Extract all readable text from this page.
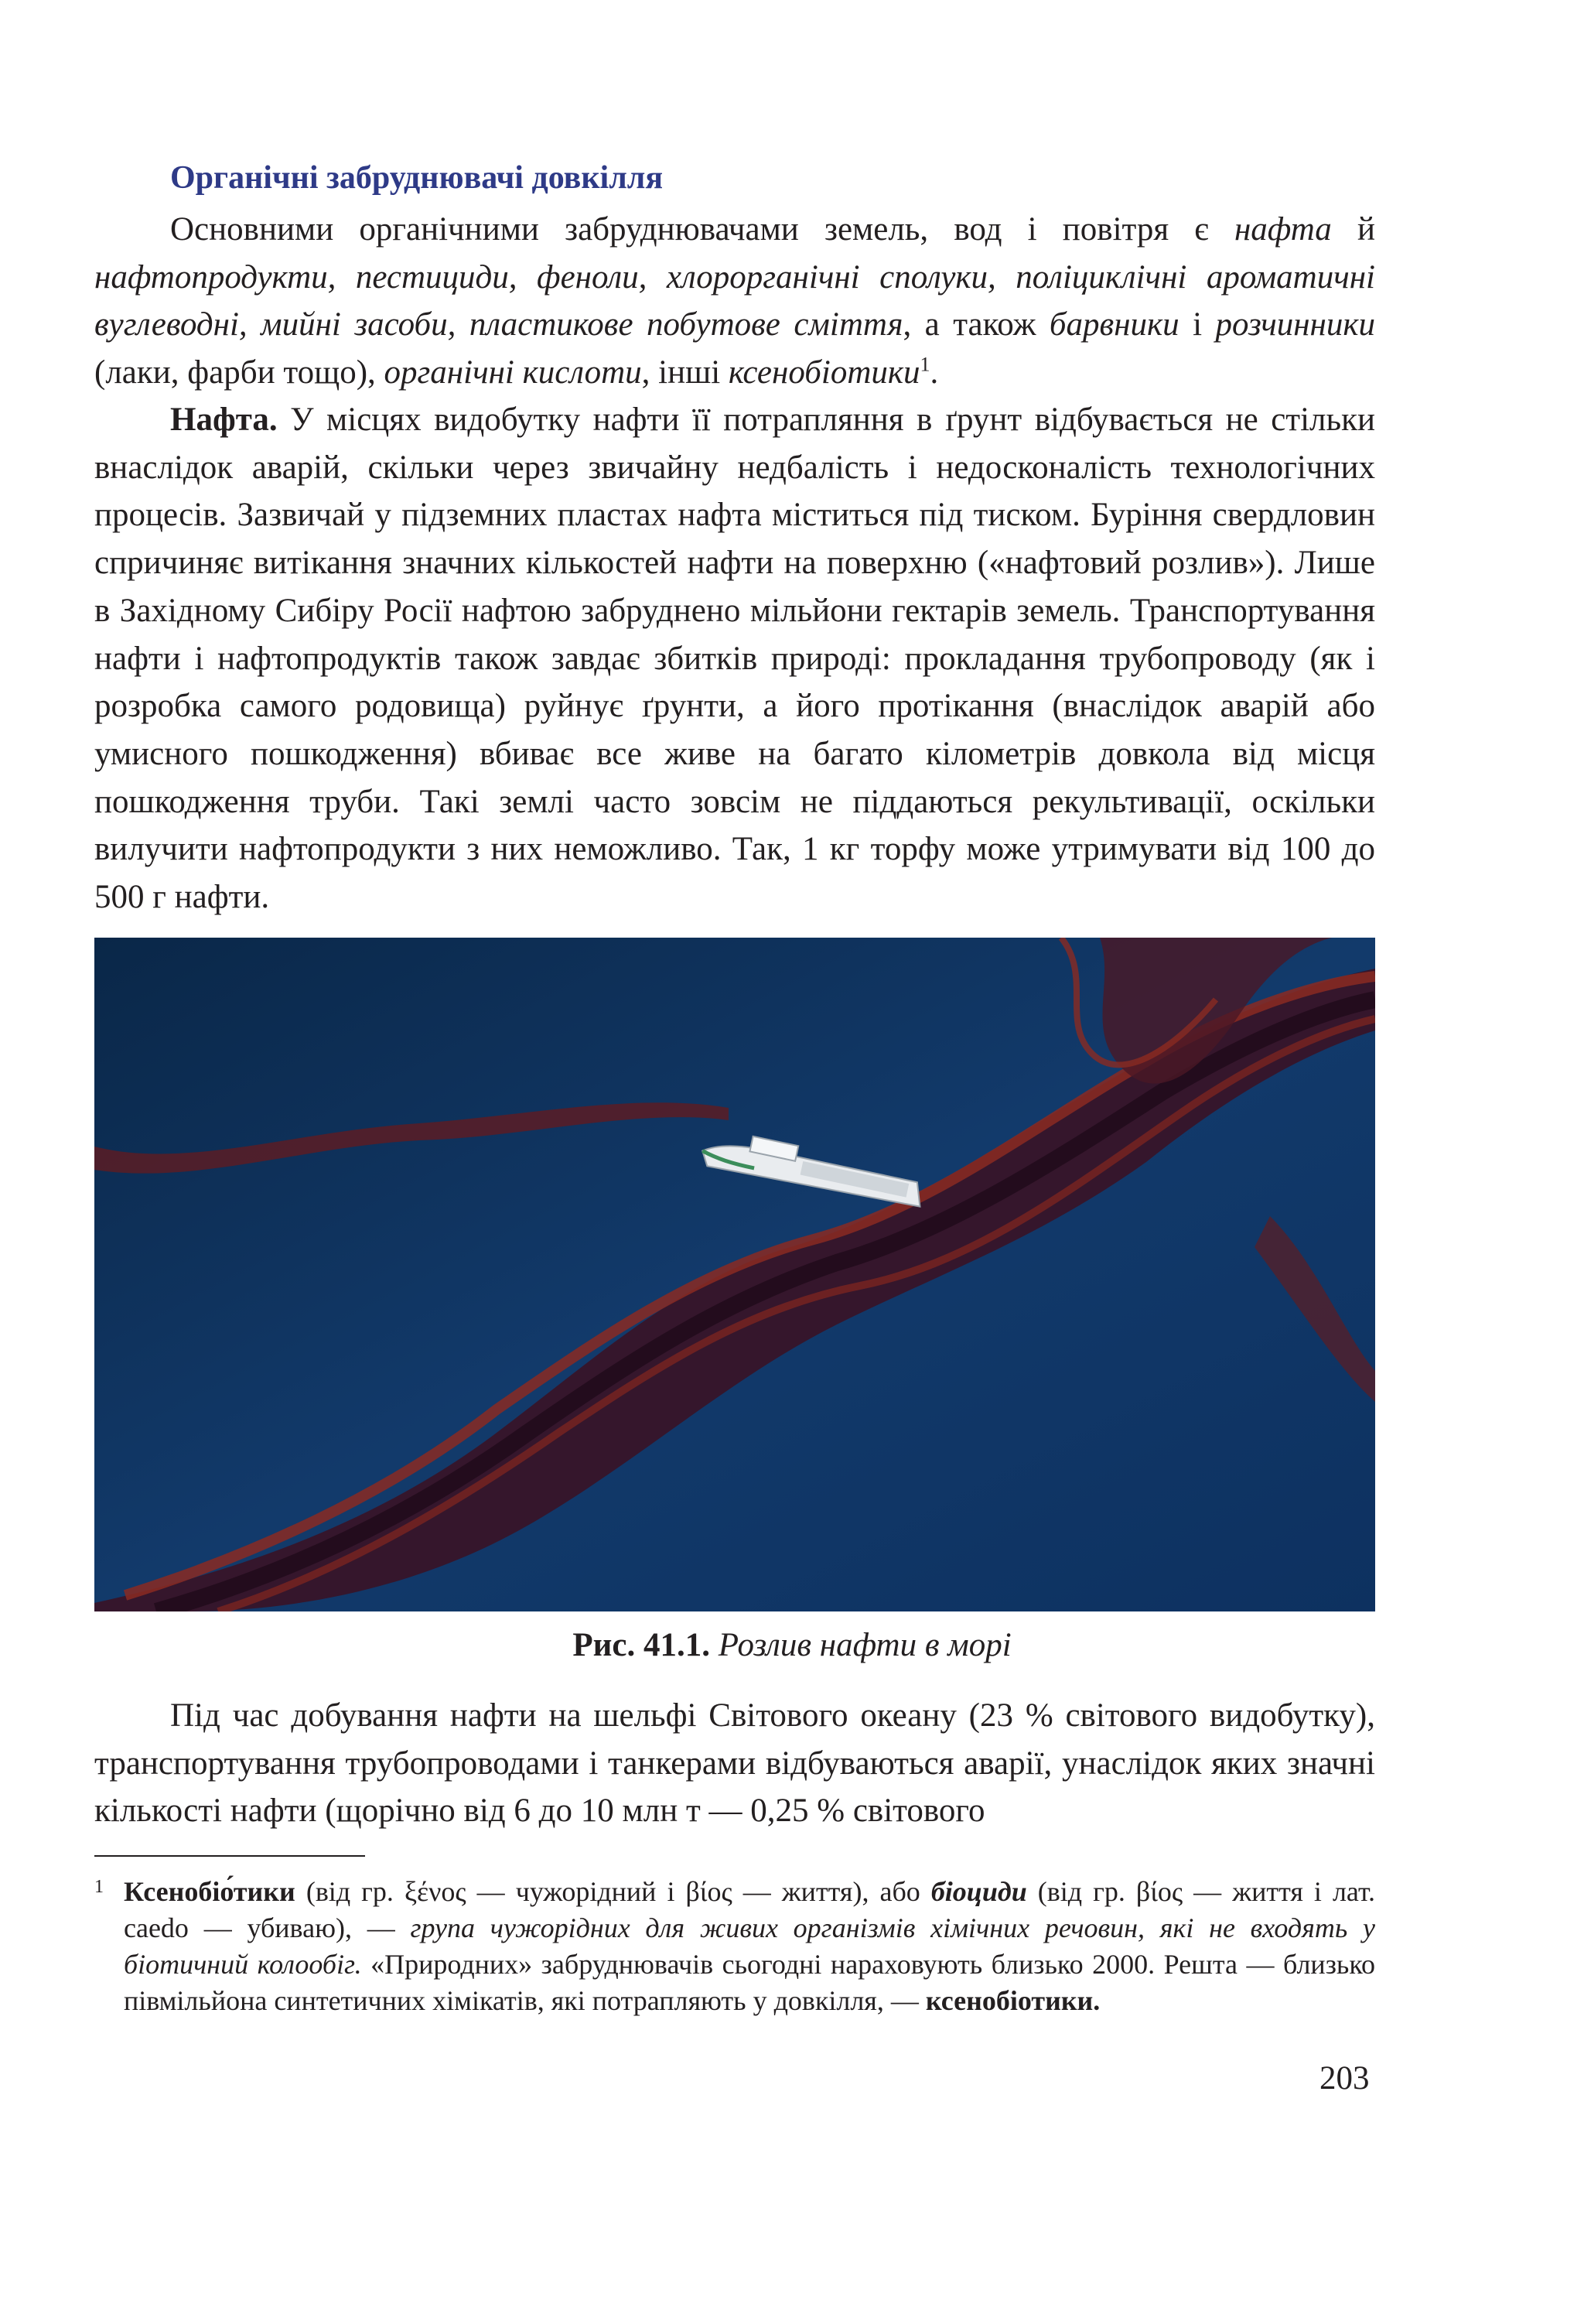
Органічні забруднювачі довкілля

Основними органічними забруднювачами земель, вод і повітря є нафта й нафтопродукти, пестициди, феноли, хлорорганічні сполуки, поліциклічні ароматичні вуглеводні, мийні засоби, пластикове побутове сміття, а також барвники і розчинники (лаки, фарби тощо), органічні кислоти, інші ксенобіотики$^1$.

Нафта. У місцях видобутку нафти її потрапляння в ґрунт відбувається не стільки внаслідок аварій, скільки через звичайну недбалість і недосконалість технологічних процесів. Зазвичай у підземних пластах нафта міститься під тиском. Буріння свердловин спричиняє витікання значних кількостей нафти на поверхню («нафтовий розлив»). Лише в Західному Сибіру Росії нафтою забруднено мільйони гектарів земель. Транспортування нафти і нафтопродуктів також завдає збитків природі: прокладання трубопроводу (як і розробка самого родовища) руйнує ґрунти, а його протікання (внаслідок аварій або умисного пошкодження) вбиває все живе на багато кілометрів довкола від місця пошкодження труби. Такі землі часто зовсім не піддаються рекультивації, оскільки вилучити нафтопродукти з них неможливо. Так, 1 кг торфу може утримувати від 100 до 500 г нафти.

Рис. 41.1. Розлив нафти в морі

Під час добування нафти на шельфі Світового океану (23 % світового видобутку), транспортування трубопроводами і танкерами відбуваються аварії, унаслідок яких значні кількості нафти (щорічно від 6 до 10 млн т — 0,25 % світового

1 Ксенобіо́тики (від гр. ξένος — чужорідний і βίος — життя), або біоциди (від гр. βίος — життя і лат. caedo — убиваю), — група чужорідних для живих організмів хімічних речовин, які не входять у біотичний колообіг. «Природних» забруднювачів сьогодні нараховують близько 2000. Решта — близько півмільйона синтетичних хімікатів, які потрапляють у довкілля, — ксенобіотики.

203
